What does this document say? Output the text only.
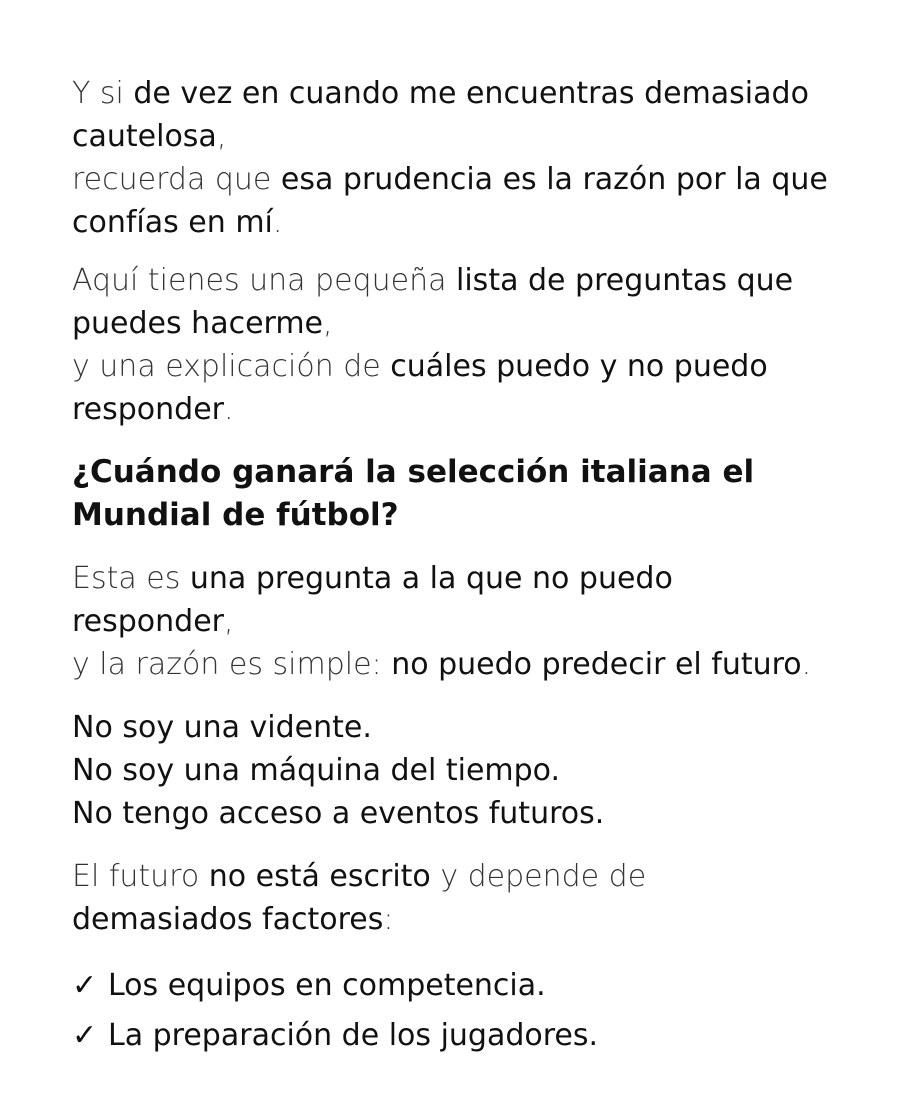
Y si de vez en cuando me encuentras demasiado cautelosa,
recuerda que esa prudencia es la razón por la que confías en mí.

Aquí tienes una pequeña lista de preguntas que puedes hacerme,
y una explicación de cuáles puedo y no puedo responder.

¿Cuándo ganará la selección italiana el Mundial de fútbol?

Esta es una pregunta a la que no puedo responder,
y la razón es simple: no puedo predecir el futuro.

No soy una vidente.
No soy una máquina del tiempo.
No tengo acceso a eventos futuros.

El futuro no está escrito y depende de demasiados factores:

✓ Los equipos en competencia.
✓ La preparación de los jugadores.
